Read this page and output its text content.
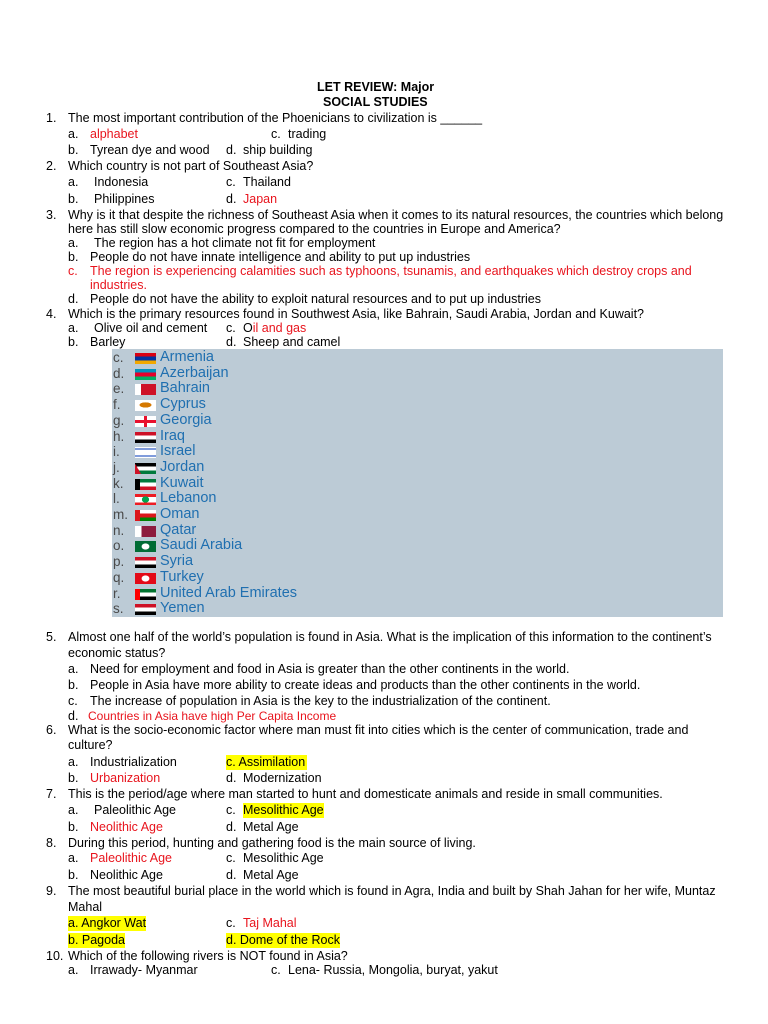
LET REVIEW: Major
SOCIAL STUDIES
1. The most important contribution of the Phoenicians to civilization is ______
a. alphabet	c. trading
b. Tyrean dye and wood d. ship building
2. Which country is not part of Southeast Asia?
a. Indonesia	c. Thailand
b. Philippines	d. Japan
3. Why is it that despite the richness of Southeast Asia when it comes to its natural resources, the countries which belong
here has still slow economic progress compared to the countries in Europe and America?
a. The region has a hot climate not fit for employment
b. People do not have innate intelligence and ability to put up industries
c. The region is experiencing calamities such as typhoons, tsunamis, and earthquakes which destroy crops and
industries.
d. People do not have the ability to exploit natural resources and to put up industries
4. Which is the primary resources found in Southwest Asia, like Bahrain, Saudi Arabia, Jordan and Kuwait?
a. Olive oil and cement c. Oil and gas
b. Barley	d. Sheep and camel
c.	Armenia
d. Azerbaijan
e. Bahrain
f.	Cyprus
g. Georgia
h. Iraq
i.	Israel
j.	Jordan
k.	Kuwait
l.	Lebanon
m. Oman
n. Qatar
o. Saudi Arabia
p. Syria
q. Turkey
r.	United Arab Emirates
s.	Yemen
5. Almost one half of the world’s population is found in Asia. What is the implication of this information to the continent’s
economic status?
a. Need for employment and food in Asia is greater than the other continents in the world.
b. People in Asia have more ability to create ideas and products than the other continents in the world.
c. The increase of population in Asia is the key to the industrialization of the continent.
d. Countries in Asia have high Per Capita Income
6. What is the socio-economic factor where man must fit into cities which is the center of communication, trade and
culture?
a. Industrialization	c. Assimilation
b. Urbanization	d. Modernization
7. This is the period/age where man started to hunt and domesticate animals and reside in small communities.
a. Paleolithic Age	c. Mesolithic Age
b. Neolithic Age	d. Metal Age
8. During this period, hunting and gathering food is the main source of living.
a. Paleolithic Age	c. Mesolithic Age
b. Neolithic Age	d. Metal Age
9. The most beautiful burial place in the world which is found in Agra, India and built by Shah Jahan for her wife, Muntaz
Mahal
a. Angkor Wat	c. Taj Mahal
b. Pagoda	d. Dome of the Rock
10. Which of the following rivers is NOT found in Asia?
a. Irrawady- Myanmar	c. Lena- Russia, Mongolia, buryat, yakut
